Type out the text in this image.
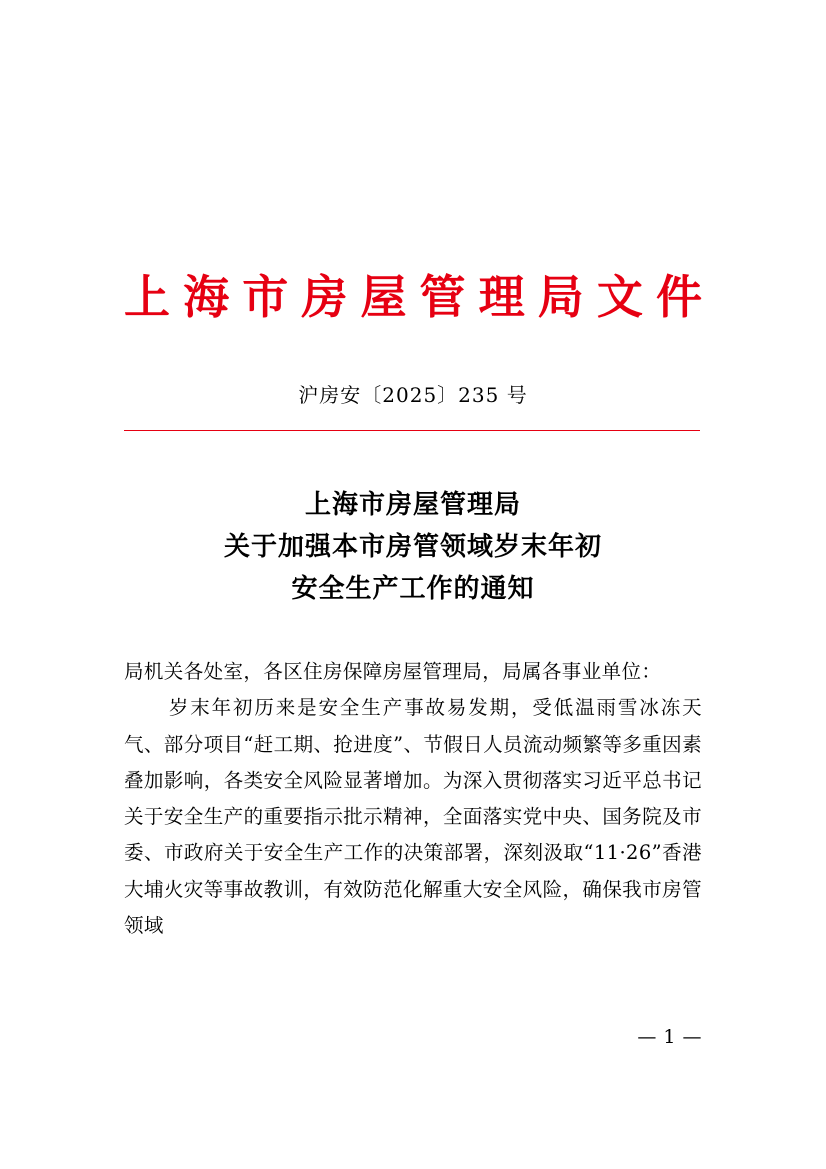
上 海 市 房 屋 管 理 局 文 件
沪房安〔2025〕235 号
上海市房屋管理局
关于加强本市房管领域岁末年初
安全生产工作的通知

局机关各处室，各区住房保障房屋管理局，局属各事业单位：

岁末年初历来是安全生产事故易发期，受低温雨雪冰冻天气、部分项目“赶工期、抢进度”、节假日人员流动频繁等多重因素叠加影响，各类安全风险显著增加。为深入贯彻落实习近平总书记关于安全生产的重要指示批示精神，全面落实党中央、国务院及市委、市政府关于安全生产工作的决策部署，深刻汲取“11·26”香港大埔火灾等事故教训，有效防范化解重大安全风险，确保我市房管领域

— 1 —
